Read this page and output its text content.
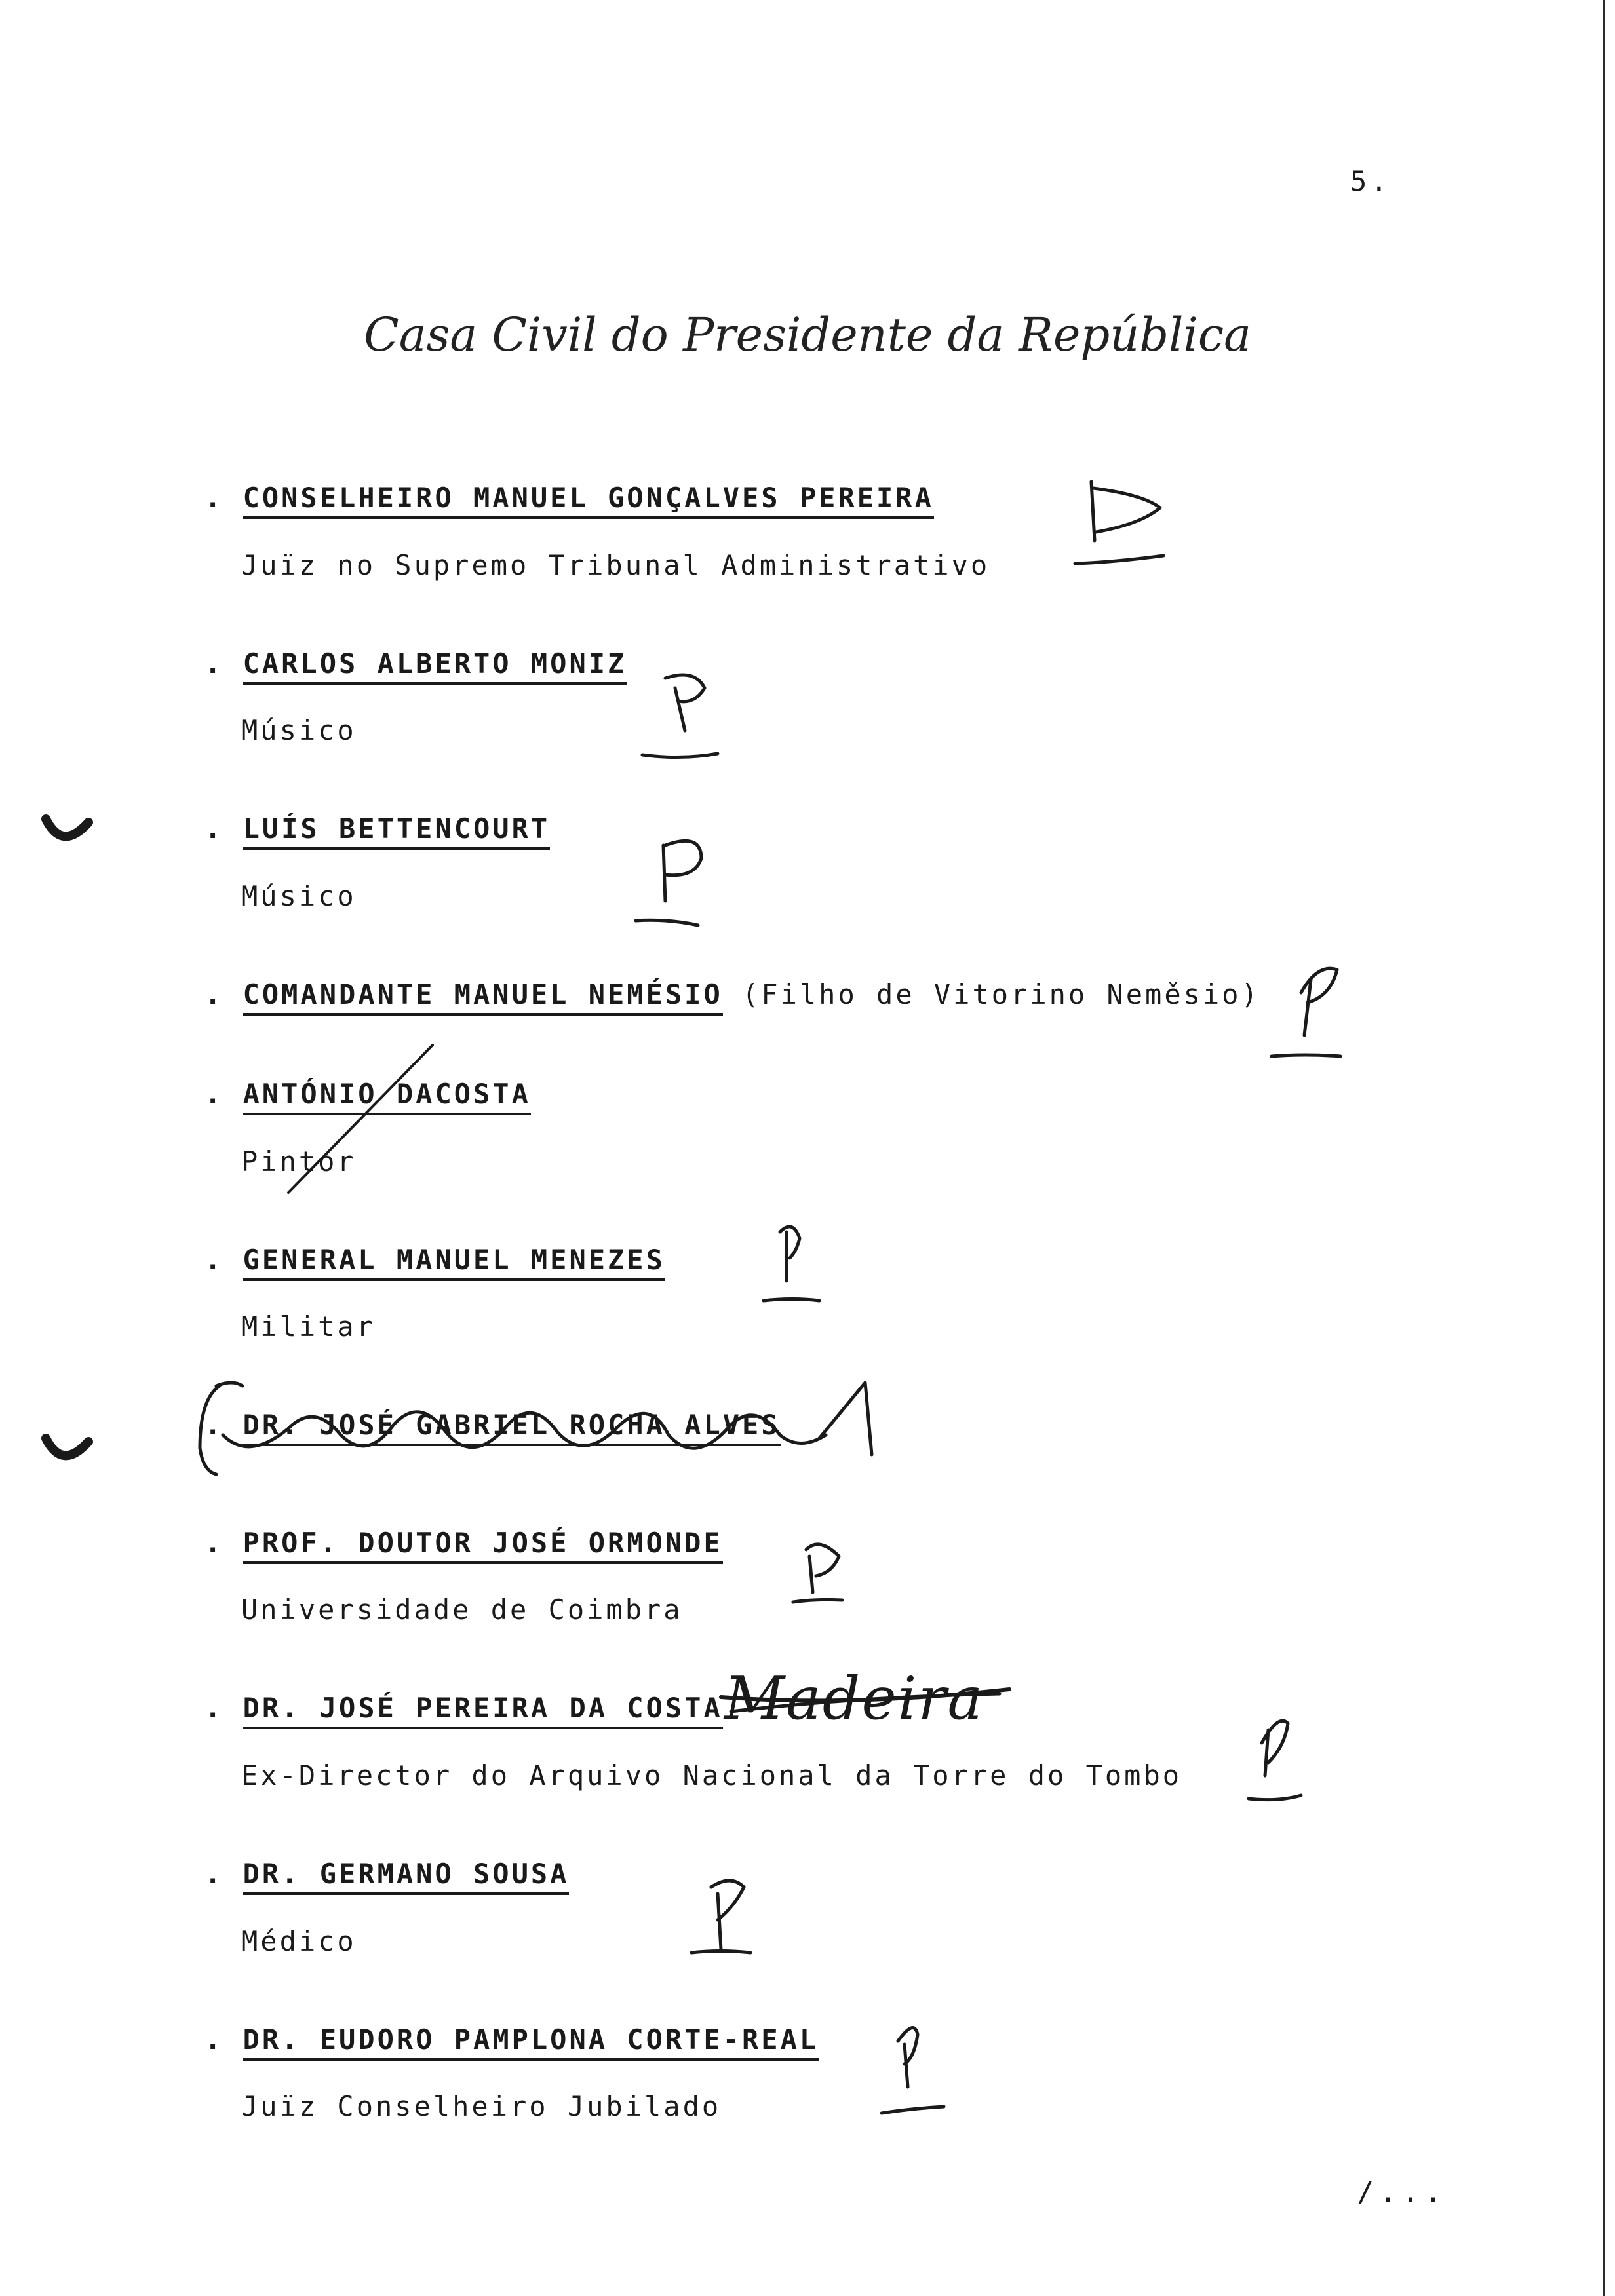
5.
Casa Civil do Presidente da República
. CONSELHEIRO MANUEL GONÇALVES PEREIRA
Juïz no Supremo Tribunal Administrativo
. CARLOS ALBERTO MONIZ
Músico
. LUÍS BETTENCOURT
Músico
. COMANDANTE MANUEL NEMÉSIO (Filho de Vitorino Neměsio)
. ANTÓNIO DACOSTA
Pintor
. GENERAL MANUEL MENEZES
Militar
. DR. JOSÉ GABRIEL ROCHA ALVES
. PROF. DOUTOR JOSÉ ORMONDE
Universidade de Coimbra
. DR. JOSÉ PEREIRA DA COSTA
Ex-Director do Arquivo Nacional da Torre do Tombo
Madeira
. DR. GERMANO SOUSA
Médico
. DR. EUDORO PAMPLONA CORTE-REAL
Juïz Conselheiro Jubilado
/...
